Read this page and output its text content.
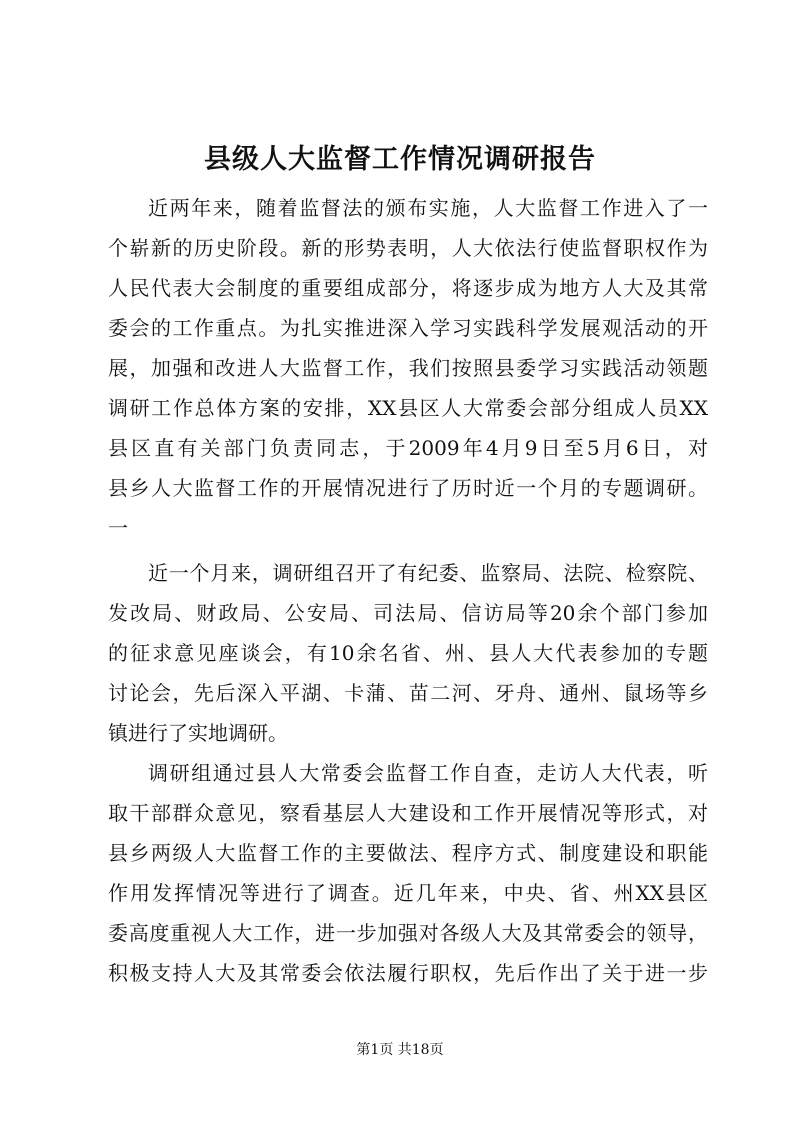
县级人大监督工作情况调研报告
近两年来，随着监督法的颁布实施，人大监督工作进入了一
个崭新的历史阶段。新的形势表明，人大依法行使监督职权作为
人民代表大会制度的重要组成部分，将逐步成为地方人大及其常
委会的工作重点。为扎实推进深入学习实践科学发展观活动的开
展，加强和改进人大监督工作，我们按照县委学习实践活动领题
调研工作总体方案的安排，XX县区人大常委会部分组成人员XX
县区直有关部门负责同志，于2009年4月9日至5月6日，对
县乡人大监督工作的开展情况进行了历时近一个月的专题调研。
一
近一个月来，调研组召开了有纪委、监察局、法院、检察院、
发改局、财政局、公安局、司法局、信访局等20余个部门参加
的征求意见座谈会，有10余名省、州、县人大代表参加的专题
讨论会，先后深入平湖、卡蒲、苗二河、牙舟、通州、鼠场等乡
镇进行了实地调研。
调研组通过县人大常委会监督工作自查，走访人大代表，听
取干部群众意见，察看基层人大建设和工作开展情况等形式，对
县乡两级人大监督工作的主要做法、程序方式、制度建设和职能
作用发挥情况等进行了调查。近几年来，中央、省、州XX县区
委高度重视人大工作，进一步加强对各级人大及其常委会的领导，
积极支持人大及其常委会依法履行职权，先后作出了关于进一步
第1页 共18页
